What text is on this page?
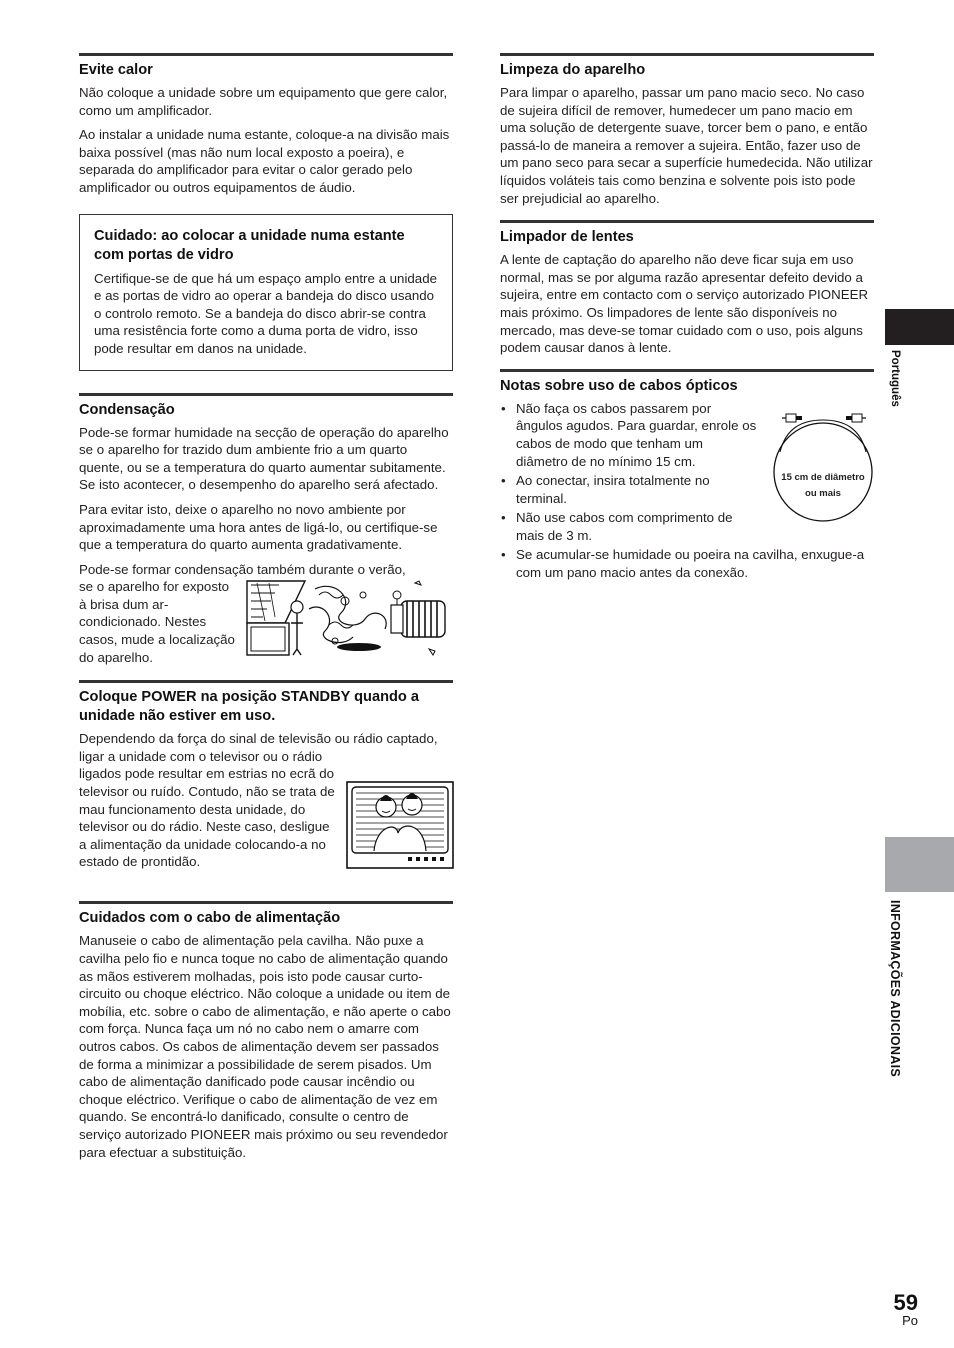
Evite calor

Não coloque a unidade sobre um equipamento que gere calor, como um amplificador.

Ao instalar a unidade numa estante, coloque-a na divisão mais baixa possível (mas não num local exposto a poeira), e separada do amplificador para evitar o calor gerado pelo amplificador ou outros equipamentos de áudio.

Cuidado: ao colocar a unidade numa estante com portas de vidro

Certifique-se de que há um espaço amplo entre a unidade e as portas de vidro ao operar a bandeja do disco usando o controlo remoto. Se a bandeja do disco abrir-se contra uma resistência forte como a duma porta de vidro, isso pode resultar em danos na unidade.

Condensação

Pode-se formar humidade na secção de operação do aparelho se o aparelho for trazido dum ambiente frio a um quarto quente, ou se a temperatura do quarto aumentar subitamente. Se isto acontecer, o desempenho do aparelho será afectado.

Para evitar isto, deixe o aparelho no novo ambiente por aproximadamente uma hora antes de ligá-lo, ou certifique-se que a temperatura do quarto aumenta gradativamente.

Pode-se formar condensação também durante o verão,

se o aparelho for exposto à brisa dum ar-condicionado. Nestes casos, mude a localização do aparelho.

Coloque POWER na posição STANDBY quando a unidade não estiver em uso.

Dependendo da força do sinal de televisão ou rádio captado, ligar a unidade com o televisor ou o rádio

ligados pode resultar em estrias no ecrã do televisor ou ruído. Contudo, não se trata de mau funcionamento desta unidade, do televisor ou do rádio. Neste caso, desligue a alimentação da unidade colocando-a no estado de prontidão.

Cuidados com o cabo de alimentação

Manuseie o cabo de alimentação pela cavilha. Não puxe a cavilha pelo fio e nunca toque no cabo de alimentação quando as mãos estiverem molhadas, pois isto pode causar curto-circuito ou choque eléctrico. Não coloque a unidade ou item de mobília, etc. sobre o cabo de alimentação, e não aperte o cabo com força. Nunca faça um nó no cabo nem o amarre com outros cabos. Os cabos de alimentação devem ser passados de forma a minimizar a possibilidade de serem pisados. Um cabo de alimentação danificado pode causar incêndio ou choque eléctrico. Verifique o cabo de alimentação de vez em quando. Se encontrá-lo danificado, consulte o centro de serviço autorizado PIONEER mais próximo ou seu revendedor para efectuar a substituição.

Limpeza do aparelho

Para limpar o aparelho, passar um pano macio seco. No caso de sujeira difícil de remover, humedecer um pano macio em uma solução de detergente suave, torcer bem o pano, e então passá-lo de maneira a remover a sujeira. Então, fazer uso de um pano seco para secar a superfície humedecida. Não utilizar líquidos voláteis tais como benzina e solvente pois isto pode ser prejudicial ao aparelho.

Limpador de lentes

A lente de captação do aparelho não deve ficar suja em uso normal, mas se por alguma razão apresentar defeito devido a sujeira, entre em contacto com o serviço autorizado PIONEER mais próximo. Os limpadores de lente são disponíveis no mercado, mas deve-se tomar cuidado com o uso, pois alguns podem causar danos à lente.

Notas sobre uso de cabos ópticos
• Não faça os cabos passarem por ângulos agudos. Para guardar, enrole os cabos de modo que tenham um diâmetro de no mínimo 15 cm.
• Ao conectar, insira totalmente no terminal.
• Não use cabos com comprimento de mais de 3 m.
• Se acumular-se humidade ou poeira na cavilha, enxugue-a com um pano macio antes da conexão.
15 cm de diâmetro
ou mais
Português
INFORMAÇÕES ADICIONAIS
59
Po
